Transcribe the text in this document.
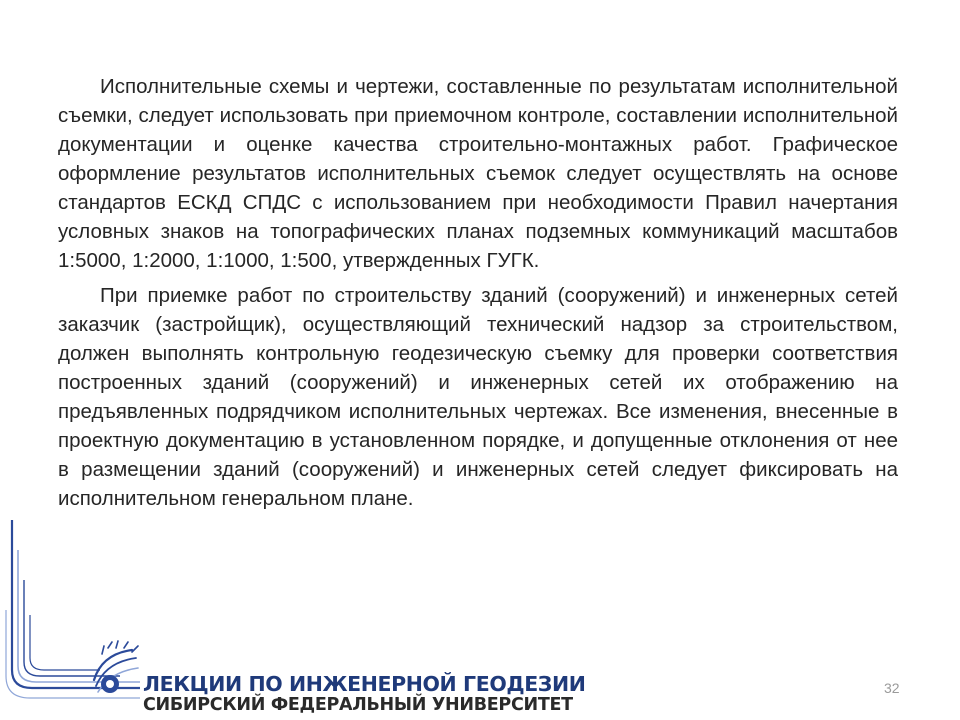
Исполнительные схемы и чертежи, составленные по результатам исполнительной съемки, следует использовать при приемочном контроле, составлении исполнительной документации и оценке качества строительно-монтажных работ. Графическое оформление результатов исполнительных съемок следует осуществлять на основе стандартов ЕСКД СПДС с использованием при необходимости Правил начертания условных знаков на топографических планах подземных коммуникаций масштабов 1:5000, 1:2000, 1:1000, 1:500, утвержденных ГУГК.

При приемке работ по строительству зданий (сооружений) и инженерных сетей заказчик (застройщик), осуществляющий технический надзор за строительством, должен выполнять контрольную геодезическую съемку для проверки соответствия построенных зданий (сооружений) и инженерных сетей их отображению на предъявленных подрядчиком исполнительных чертежах. Все изменения, внесенные в проектную документацию в установленном порядке, и допущенные отклонения от нее в размещении зданий (сооружений) и инженерных сетей следует фиксировать на исполнительном генеральном плане.

ЛЕКЦИИ ПО ИНЖЕНЕРНОЙ ГЕОДЕЗИИ
СИБИРСКИЙ ФЕДЕРАЛЬНЫЙ УНИВЕРСИТЕТ
32
